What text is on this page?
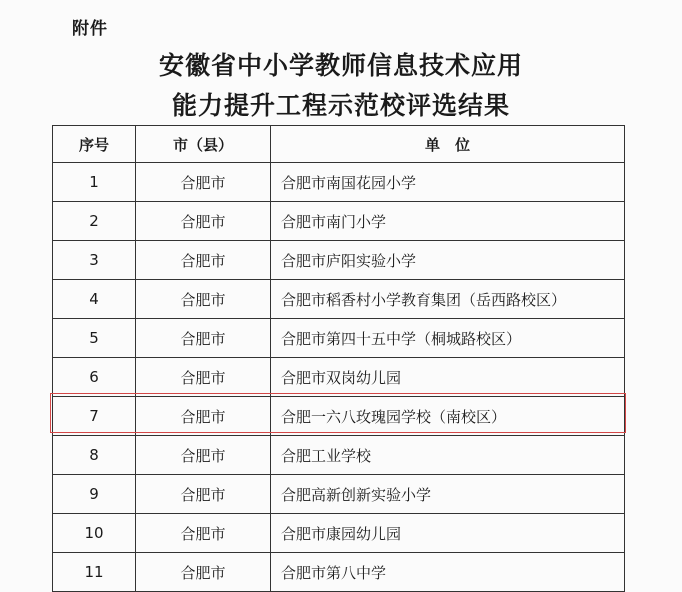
附件
安徽省中小学教师信息技术应用
能力提升工程示范校评选结果
序号	市（县）	单　位
1	合肥市	合肥市南国花园小学
2	合肥市	合肥市南门小学
3	合肥市	合肥市庐阳实验小学
4	合肥市	合肥市稻香村小学教育集团（岳西路校区）
5	合肥市	合肥市第四十五中学（桐城路校区）
6	合肥市	合肥市双岗幼儿园
7	合肥市	合肥一六八玫瑰园学校（南校区）
8	合肥市	合肥工业学校
9	合肥市	合肥高新创新实验小学
10	合肥市	合肥市康园幼儿园
11	合肥市	合肥市第八中学
